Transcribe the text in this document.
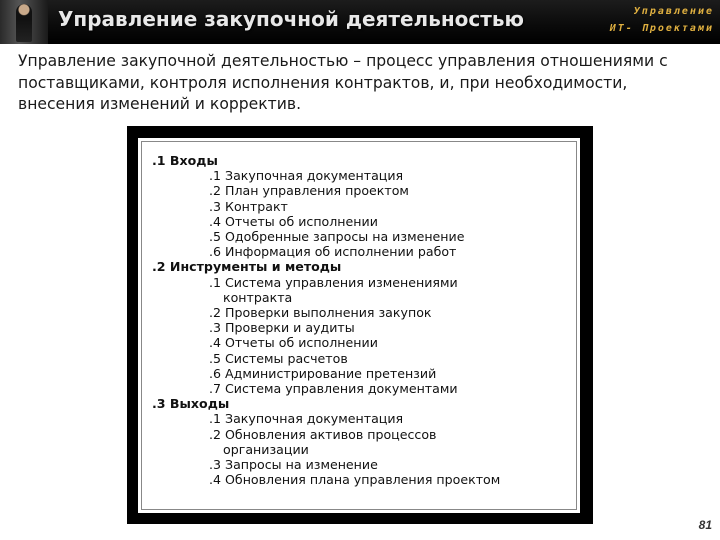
Управление закупочной деятельностью	Управление
ИТ- Проектами
Управление закупочной деятельностью – процесс управления отношениями с поставщиками, контроля исполнения контрактов, и, при необходимости, внесения изменений и корректив.
.1 Входы
.1 Закупочная документация
.2 План управления проектом
.3 Контракт
.4 Отчеты об исполнении
.5 Одобренные запросы на изменение
.6 Информация об исполнении работ
.2 Инструменты и методы
.1 Система управления изменениями
контракта
.2 Проверки выполнения закупок
.3 Проверки и аудиты
.4 Отчеты об исполнении
.5 Системы расчетов
.6 Администрирование претензий
.7 Система управления документами
.3 Выходы
.1 Закупочная документация
.2 Обновления активов процессов
организации
.3 Запросы на изменение
.4 Обновления плана управления проектом
81
